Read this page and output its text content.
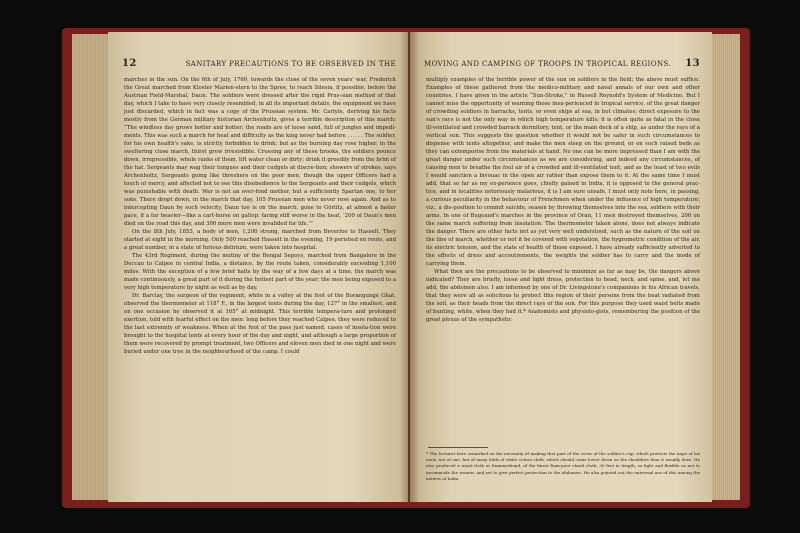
12	SANITARY PRECAUTIONS TO BE OBSERVED IN THE

marches in the sun. On the 6th of July, 1760, towards the close of the seven years' war, Frederick the Great marched from Kloster Marien-stern to the Spree, to reach Silesia, if possible, before the Austrian Field-Marshal, Daun. The soldiers were dressed after the rigid Prus-sian method of that day, which I take to have very closely resembled, in all its important details, the equipment we have just discarded, which in fact was a copy of the Prussian system. Mr. Carlyle, deriving his facts mostly from the German military historian Archenholtz, gives a terrible description of this march: “The windless day grows hotter and hotter; the roads are of loose sand, full of jungles and impedi-ments. This was such a march for heat and difficulty as the king never had before . . . . . The soldier, for his own health's sake, is strictly forbidden to drink; but as the burning day rose higher, in the sweltering close march, thirst grew irresistible. Crossing any of these brooks, the soldiers pounce down, irrepressible, whole ranks of them, lift water clean or dirty; drink it greedily from the brim of the hat. Sergeants may wag their tongues and their cudgels at discre-tion; showers of strokes, says Archenholtz, Sergeants going like threshers on the poor men, though the upper Officers had a touch of mercy, and affected not to see this disobedience to the Sergeants and their cudgels, which was punishable with death. War is not an over-fond mother, but a sufficiently Spartan one, to her sons. There dropt down, in the march that day, 105 Prussian men who never rose again. And as to intercepting Daun by such velocity, Daun too is on the march; gone to Görlitz, at almost a faster pace, if a far heavier—like a cart-horse on gallop; faring still worse in the heat, ‘200 of Daun's men died on the road this day, and 300 more men were invalided for life.’”

On the 8th July, 1853, a body of men, 1,200 strong, marched from Beverloo to Hasselt. They started at eight in the morning. Only 500 reached Hasselt in the evening, 19 perished en route, and a great number, in a state of furious delirium, were taken into hospital.

The 43rd Regiment, during the mutiny of the Bengal Sepoys, marched from Bangalore in the Deccan to Calpee in central India, a distance, by the route taken, considerably exceeding 1,100 miles. With the exception of a few brief halts by the way of a few days at a time, the march was made continuously, a great part of it during the hottest part of the year; the men being exposed to a very high temperature by night as well as by day.

Dr. Barclay, the surgeon of the regiment, while in a valley at the foot of the Borangunge Ghat, observed the thermometer at 118° F., in the largest tents during the day, 127° in the smallest, and on one occasion he observed it at 165° at midnight. This terrible tempera-ture and prolonged exertion, told with fearful effect on the men: long before they reached Calpee, they were reduced to the last extremity of weakness. When at the foot of the pass just named, cases of insola-tion were brought to the hospital tents at every hour of the day and night, and although a large proportion of them were recovered by prompt treatment, two Officers and eleven men died in one night and were buried under one tree in the neighbourhood of the camp. I could

MOVING AND CAMPING OF TROOPS IN TROPICAL REGIONS. 13

multiply examples of the terrible power of the sun on soldiers in the field; the above must suffice. Examples of these gathered from the medico-military and naval annals of our own and other countries, I have given in the article “Sun-Stroke,” in Russell Reynold's System of Medicine. But I cannot miss the opportunity of warning those inex-perienced in tropical service, of the great danger of crowding soldiers in barracks, tents, or even ships at sea, in hot climates; direct exposure to the sun's rays is not the only way in which high temperature kills; it is often quite as fatal in the close ill-ventilated and crowded barrack dormitory, tent, or the main deck of a ship, as under the rays of a vertical sun. This suggests the question whether it would not be safer in such circumstances to dispense with tents altogether, and make the men sleep on the ground, or on such raised beds as they can extemporise from the materials at hand. No one can be more impressed than I am with the great danger under such circumstances as we are considering, and indeed any circumstances, of causing men to breathe the foul air of a crowded and ill-ventilated tent, and as the least of two evils I would sanction a bivouac in the open air rather than expose them to it. At the same time I must add, that so far as my ex-perience goes, chiefly gained in India, it is opposed to the general prac-tice, and in localities notoriously malarious, it is I am sure unsafe. I must only note here, in passing, a curious peculiarity in the behaviour of Frenchmen when under the influence of high temperature; viz., a dis-position to commit suicide, season by throwing themselves into the sea, soldiers with their arms. In one of Bugeaud's marches in the province of Oran, 11 men destroyed themselves, 200 on the same march suffering from insolation. The thermometer taken alone, does not always indicate the danger. There are other facts not as yet very well understood, such as the nature of the soil on the line of march, whether or not it be covered with vegetation, the hygrometric condition of the air, its electric tension, and the state of health of those exposed. I have already sufficiently adverted to the effects of dress and accoutrements, the weights the soldier has to carry and the mode of carrying them.

What then are the precautions to be observed to minimize as far as may be, the dangers above indicated? They are briefly, loose and light dress, protection to head, neck, and spine, and, let me add, the abdomen also. I am informed by one of Dr. Livingstone's companions in his African travels, that they were all as solicitous to protect this region of their persons from the heat radiated from the soil, as their heads from the direct rays of the sun. For this purpose they used waist belts made of bunting, white, when they had it.* Anatomists and physiolo-gists, remembering the position of the great plexus of the sympathetic

* The lecturer here remarked on the necessity of making that part of the cover of the soldier's cap, which protects the nape of his neck, not of one, but of many folds of white cotton cloth, which should come lower down on the shoulders than it usually does. He also produced a waist-cloth or Kummerbund, of the finest Ram-poor shawl cloth, 30 feet in length, so light and flexible as not to incommode the wearer, and yet to give perfect protection to the abdomen. He also pointed out the universal use of this among the natives of India.
